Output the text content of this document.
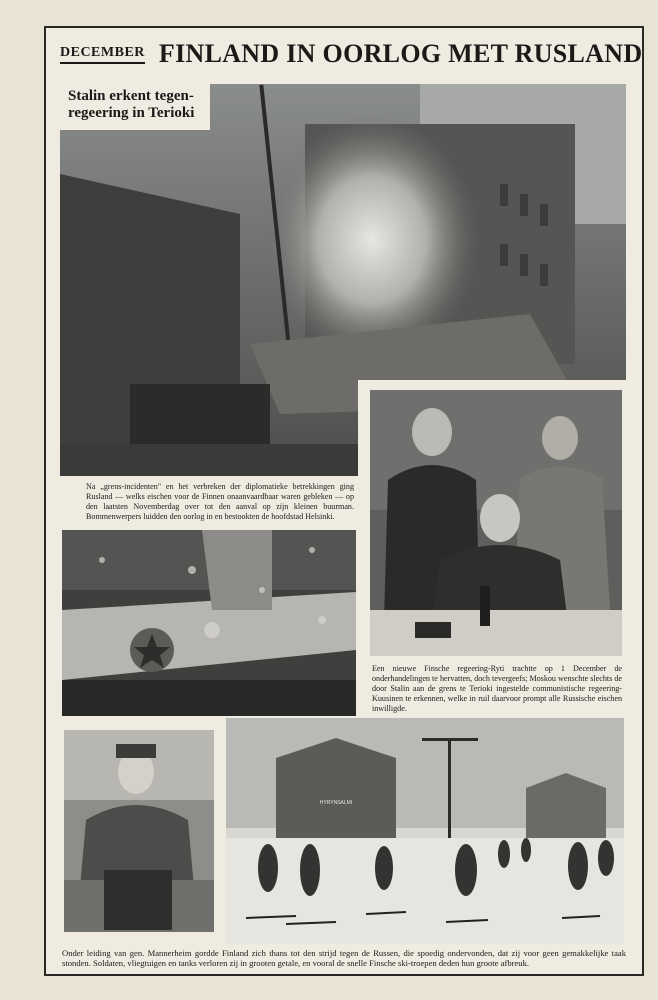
DECEMBER FINLAND IN OORLOG MET RUSLAND
Stalin erkent tegen-
regeering in Terioki
Na „grens-incidenten" en het verbreken der diplomatieke betrekkingen ging Rusland — welks eischen voor de Finnen onaanvaardbaar waren gebleken — op den laatsten Novemberdag over tot den aanval op zijn kleinen buurman. Bommenwerpers luidden den oorlog in en bestookten de hoofdstad Helsinki.
Een nieuwe Finsche regeering-Ryti trachtte op 1 December de onderhandelingen te hervatten, doch tevergeefs; Moskou wenschte slechts de door Stalin aan de grens te Terioki ingestelde communistische regeering-Kuusinen te erkennen, welke in ruil daarvoor prompt alle Russische eischen inwilligde.
HYRYNSALMI
Onder leiding van gen. Mannerheim gordde Finland zich thans tot den strijd tegen de Russen, die spoedig ondervonden, dat zij voor geen gemakkelijke taak stonden. Soldaten, vliegtuigen en tanks verloren zij in grooten getale, en vooral de snelle Finsche ski-troepen deden hun groote afbreuk.
